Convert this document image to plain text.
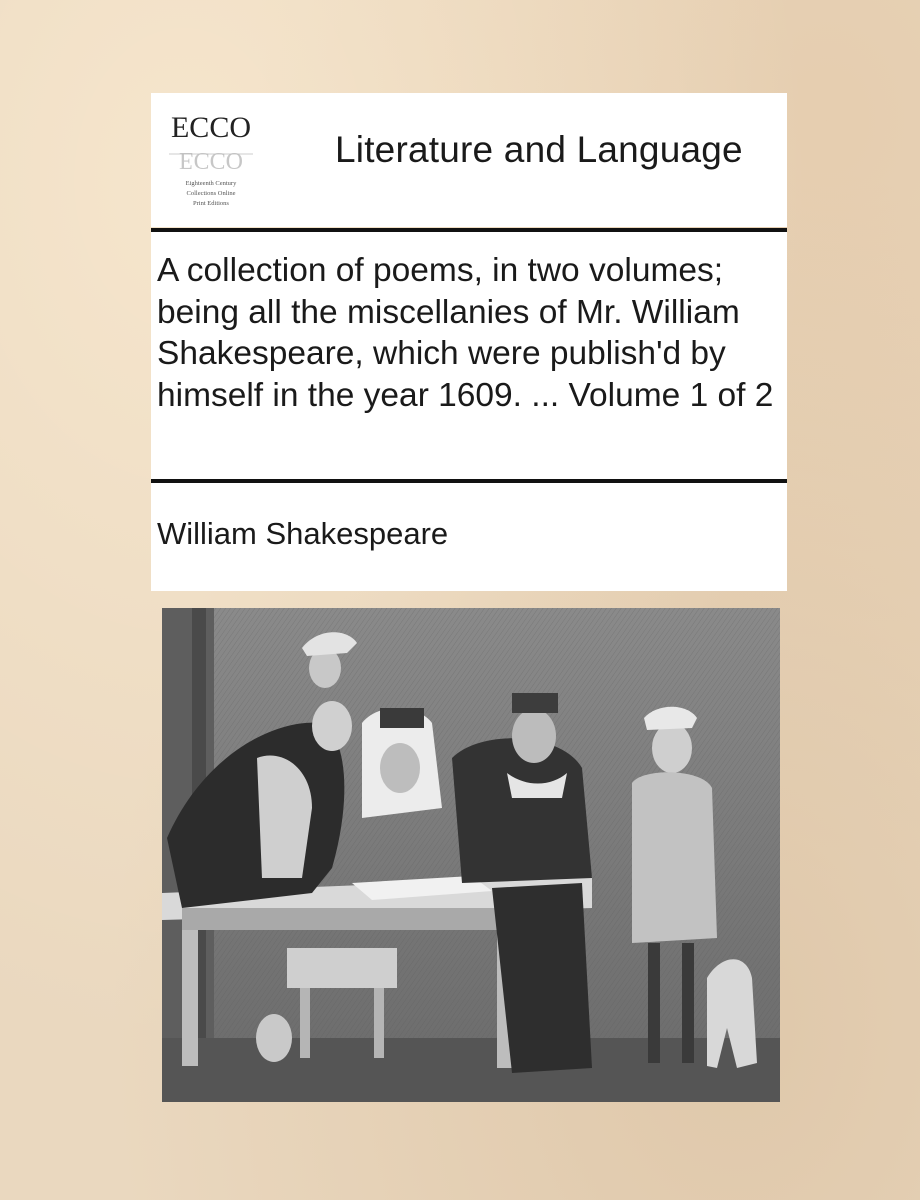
ECCO
ECCO
Eighteenth Century
Collections Online
Print Editions
Literature and Language

A collection of poems, in two volumes; being all the miscellanies of Mr. William Shakespeare, which were publish'd by himself in the year 1609. ... Volume 1 of 2

William Shakespeare
